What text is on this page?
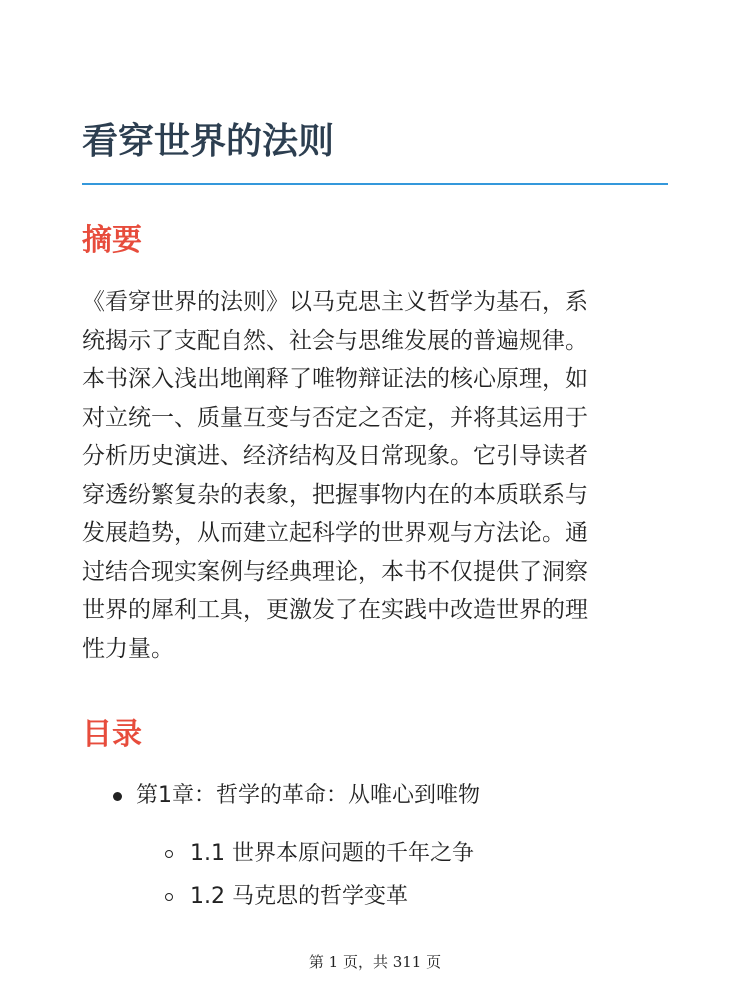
看穿世界的法则
摘要

《看穿世界的法则》以马克思主义哲学为基石，系
统揭示了支配自然、社会与思维发展的普遍规律。
本书深入浅出地阐释了唯物辩证法的核心原理，如
对立统一、质量互变与否定之否定，并将其运用于
分析历史演进、经济结构及日常现象。它引导读者
穿透纷繁复杂的表象，把握事物内在的本质联系与
发展趋势，从而建立起科学的世界观与方法论。通
过结合现实案例与经典理论，本书不仅提供了洞察
世界的犀利工具，更激发了在实践中改造世界的理
性力量。

目录
第1章：哲学的革命：从唯心到唯物
1.1 世界本原问题的千年之争
1.2 马克思的哲学变革
第 1 页，共 311 页
